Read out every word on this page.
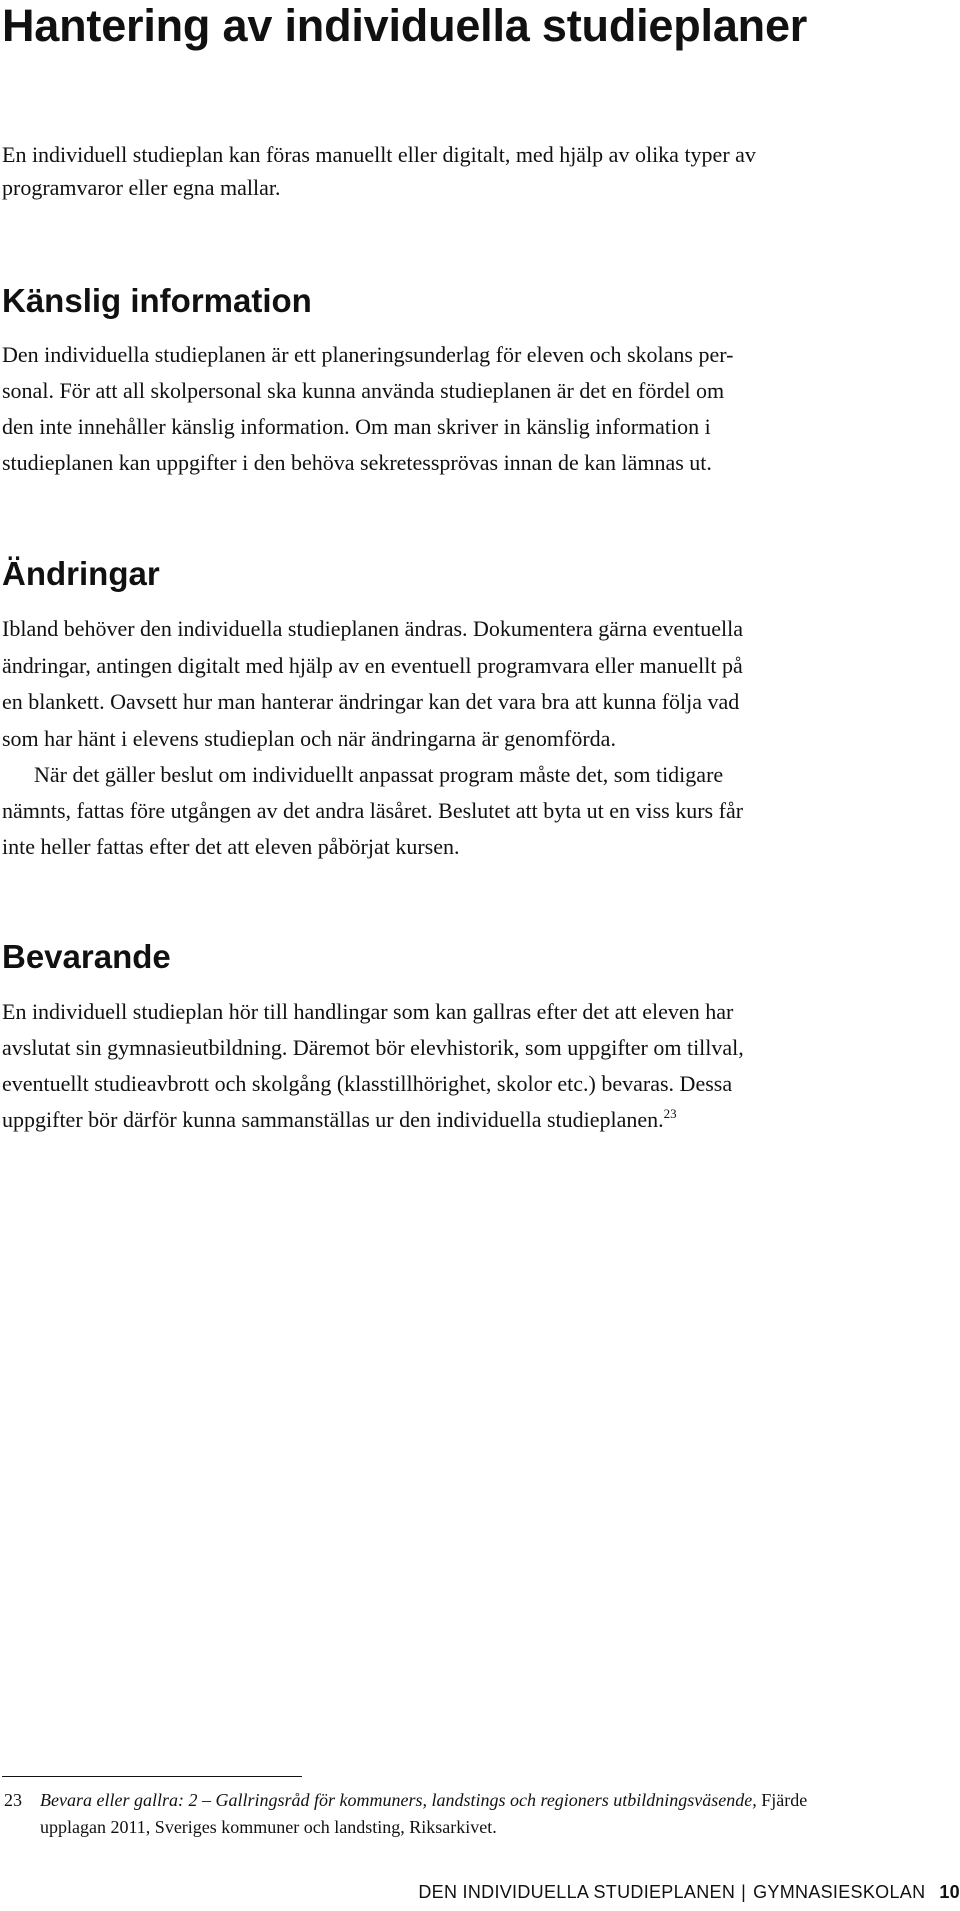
Hantering av individuella studieplaner

En individuell studieplan kan föras manuellt eller digitalt, med hjälp av olika typer av

programvaror eller egna mallar.

Känslig information

Den individuella studieplanen är ett planeringsunderlag för eleven och skolans per-

sonal. För att all skolpersonal ska kunna använda studieplanen är det en fördel om

den inte innehåller känslig information. Om man skriver in känslig information i

studieplanen kan uppgifter i den behöva sekretessprövas innan de kan lämnas ut.

Ändringar

Ibland behöver den individuella studieplanen ändras. Dokumentera gärna eventuella

ändringar, antingen digitalt med hjälp av en eventuell programvara eller manuellt på

en blankett. Oavsett hur man hanterar ändringar kan det vara bra att kunna följa vad

som har hänt i elevens studieplan och när ändringarna är genomförda.

När det gäller beslut om individuellt anpassat program måste det, som tidigare

nämnts, fattas före utgången av det andra läsåret. Beslutet att byta ut en viss kurs får

inte heller fattas efter det att eleven påbörjat kursen.

Bevarande

En individuell studieplan hör till handlingar som kan gallras efter det att eleven har

avslutat sin gymnasieutbildning. Däremot bör elevhistorik, som uppgifter om tillval,

eventuellt studieavbrott och skolgång (klasstillhörighet, skolor etc.) bevaras. Dessa

uppgifter bör därför kunna sammanställas ur den individuella studieplanen.$^{23}$

23 Bevara eller gallra: 2 – Gallringsråd för kommuners, landstings och regioners utbildningsväsende, Fjärde

upplagan 2011, Sveriges kommuner och landsting, Riksarkivet.

DEN INDIVIDUELLA STUDIEPLANEN | GYMNASIESKOLAN 10
